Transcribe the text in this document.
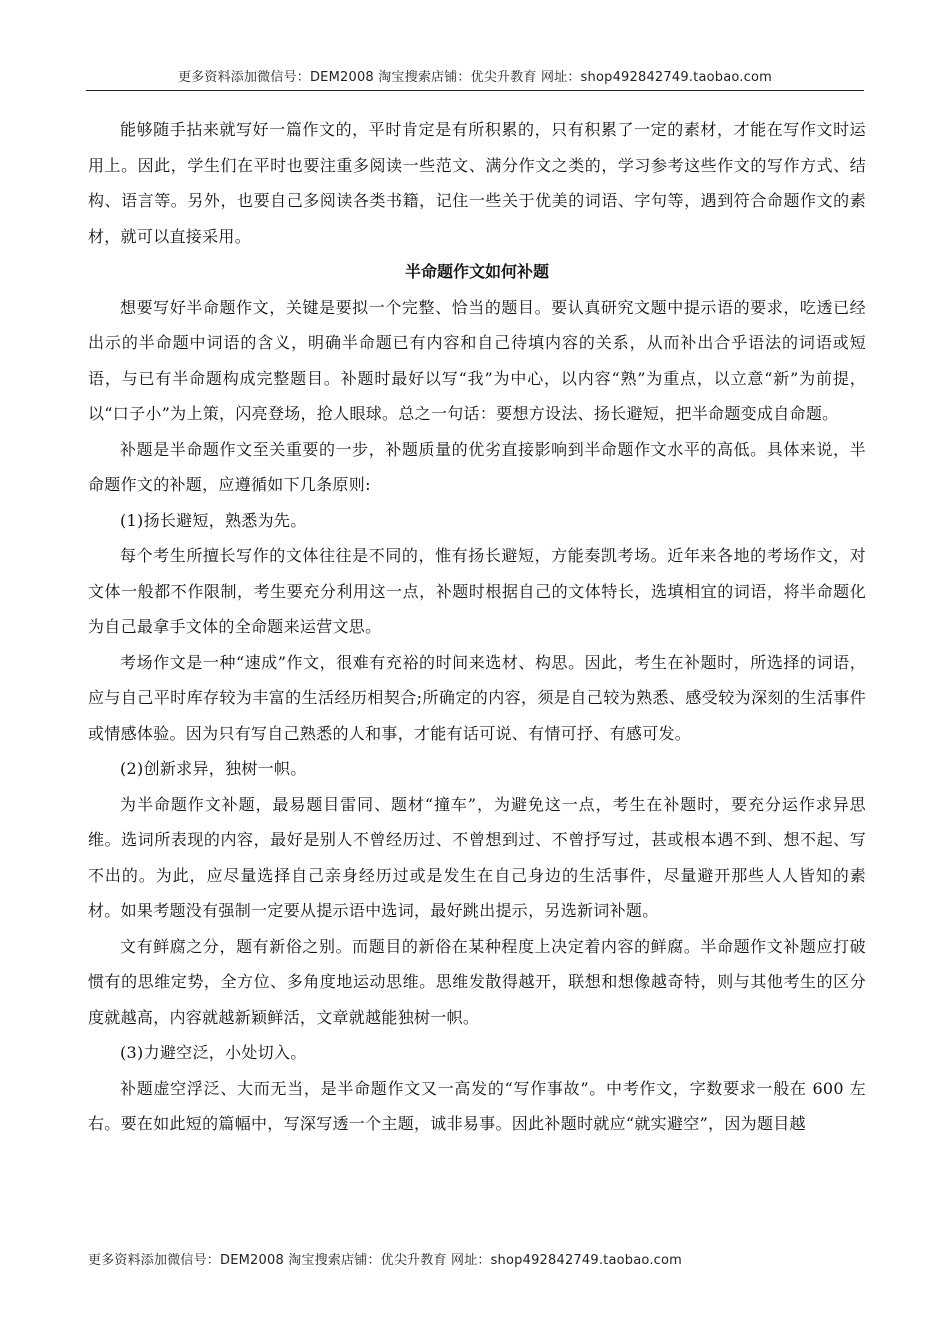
更多资料添加微信号：DEM2008 淘宝搜索店铺：优尖升教育 网址：shop492842749.taobao.com

能够随手拈来就写好一篇作文的，平时肯定是有所积累的，只有积累了一定的素材，才能在写作文时运用上。因此，学生们在平时也要注重多阅读一些范文、满分作文之类的，学习参考这些作文的写作方式、结构、语言等。另外，也要自己多阅读各类书籍，记住一些关于优美的词语、字句等，遇到符合命题作文的素材，就可以直接采用。

半命题作文如何补题

想要写好半命题作文，关键是要拟一个完整、恰当的题目。要认真研究文题中提示语的要求，吃透已经出示的半命题中词语的含义，明确半命题已有内容和自己待填内容的关系，从而补出合乎语法的词语或短语，与已有半命题构成完整题目。补题时最好以写“我”为中心，以内容“熟”为重点，以立意“新”为前提，以“口子小”为上策，闪亮登场，抢人眼球。总之一句话：要想方设法、扬长避短，把半命题变成自命题。

补题是半命题作文至关重要的一步，补题质量的优劣直接影响到半命题作文水平的高低。具体来说，半命题作文的补题，应遵循如下几条原则:

(1)扬长避短，熟悉为先。

每个考生所擅长写作的文体往往是不同的，惟有扬长避短，方能奏凯考场。近年来各地的考场作文，对文体一般都不作限制，考生要充分利用这一点，补题时根据自己的文体特长，选填相宜的词语，将半命题化为自己最拿手文体的全命题来运营文思。

考场作文是一种“速成”作文，很难有充裕的时间来选材、构思。因此，考生在补题时，所选择的词语，应与自己平时库存较为丰富的生活经历相契合;所确定的内容，须是自己较为熟悉、感受较为深刻的生活事件或情感体验。因为只有写自己熟悉的人和事，才能有话可说、有情可抒、有感可发。

(2)创新求异，独树一帜。

为半命题作文补题，最易题目雷同、题材“撞车”，为避免这一点，考生在补题时，要充分运作求异思维。选词所表现的内容，最好是别人不曾经历过、不曾想到过、不曾抒写过，甚或根本遇不到、想不起、写不出的。为此，应尽量选择自己亲身经历过或是发生在自己身边的生活事件，尽量避开那些人人皆知的素材。如果考题没有强制一定要从提示语中选词，最好跳出提示，另选新词补题。

文有鲜腐之分，题有新俗之别。而题目的新俗在某种程度上决定着内容的鲜腐。半命题作文补题应打破惯有的思维定势，全方位、多角度地运动思维。思维发散得越开，联想和想像越奇特，则与其他考生的区分度就越高，内容就越新颖鲜活，文章就越能独树一帜。

(3)力避空泛，小处切入。

补题虚空浮泛、大而无当，是半命题作文又一高发的“写作事故”。中考作文，字数要求一般在 600 左右。要在如此短的篇幅中，写深写透一个主题，诚非易事。因此补题时就应“就实避空”，因为题目越

更多资料添加微信号：DEM2008 淘宝搜索店铺：优尖升教育 网址：shop492842749.taobao.com
